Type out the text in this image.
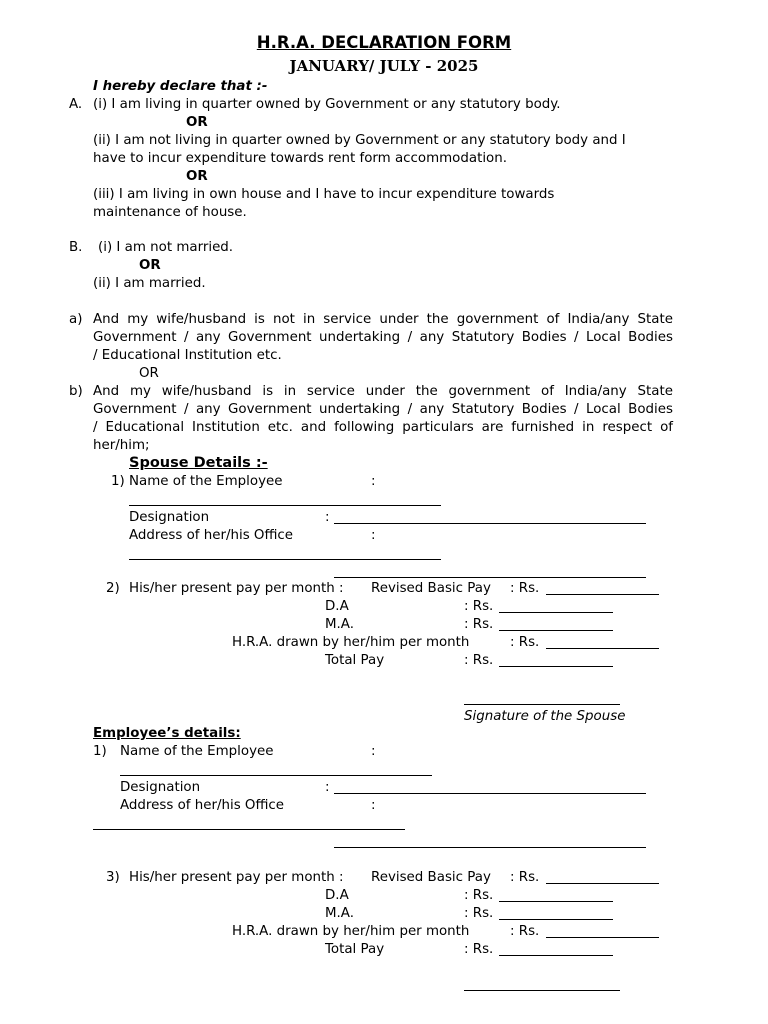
H.R.A. DECLARATION FORM
JANUARY/ JULY - 2025
I hereby declare that :-
A. (i) I am living in quarter owned by Government or any statutory body.
OR
(ii) I am not living in quarter owned by Government or any statutory body and I
have to incur expenditure towards rent form accommodation.
OR
(iii) I am living in own house and I have to incur expenditure towards
maintenance of house.
B. (i) I am not married.
OR
(ii) I am married.
a) And my wife/husband is not in service under the government of India/any State
Government / any Government undertaking / any Statutory Bodies / Local Bodies
/ Educational Institution etc.
OR
b) And my wife/husband is in service under the government of India/any State
Government / any Government undertaking / any Statutory Bodies / Local Bodies
/ Educational Institution etc. and following particulars are furnished in respect of
her/him;
Spouse Details :-
1) Name of the Employee	:
Designation	:
Address of her/his Office	:
2) His/her present pay per month : Revised Basic Pay : Rs.
D.A	: Rs.
M.A.	: Rs.
H.R.A. drawn by her/him per month	: Rs.
Total Pay	: Rs.
Signature of the Spouse
Employee’s details:
1) Name of the Employee	:
Designation	:
Address of her/his Office	:
3) His/her present pay per month : Revised Basic Pay : Rs.
D.A	: Rs.
M.A.	: Rs.
H.R.A. drawn by her/him per month	: Rs.
Total Pay	: Rs.
